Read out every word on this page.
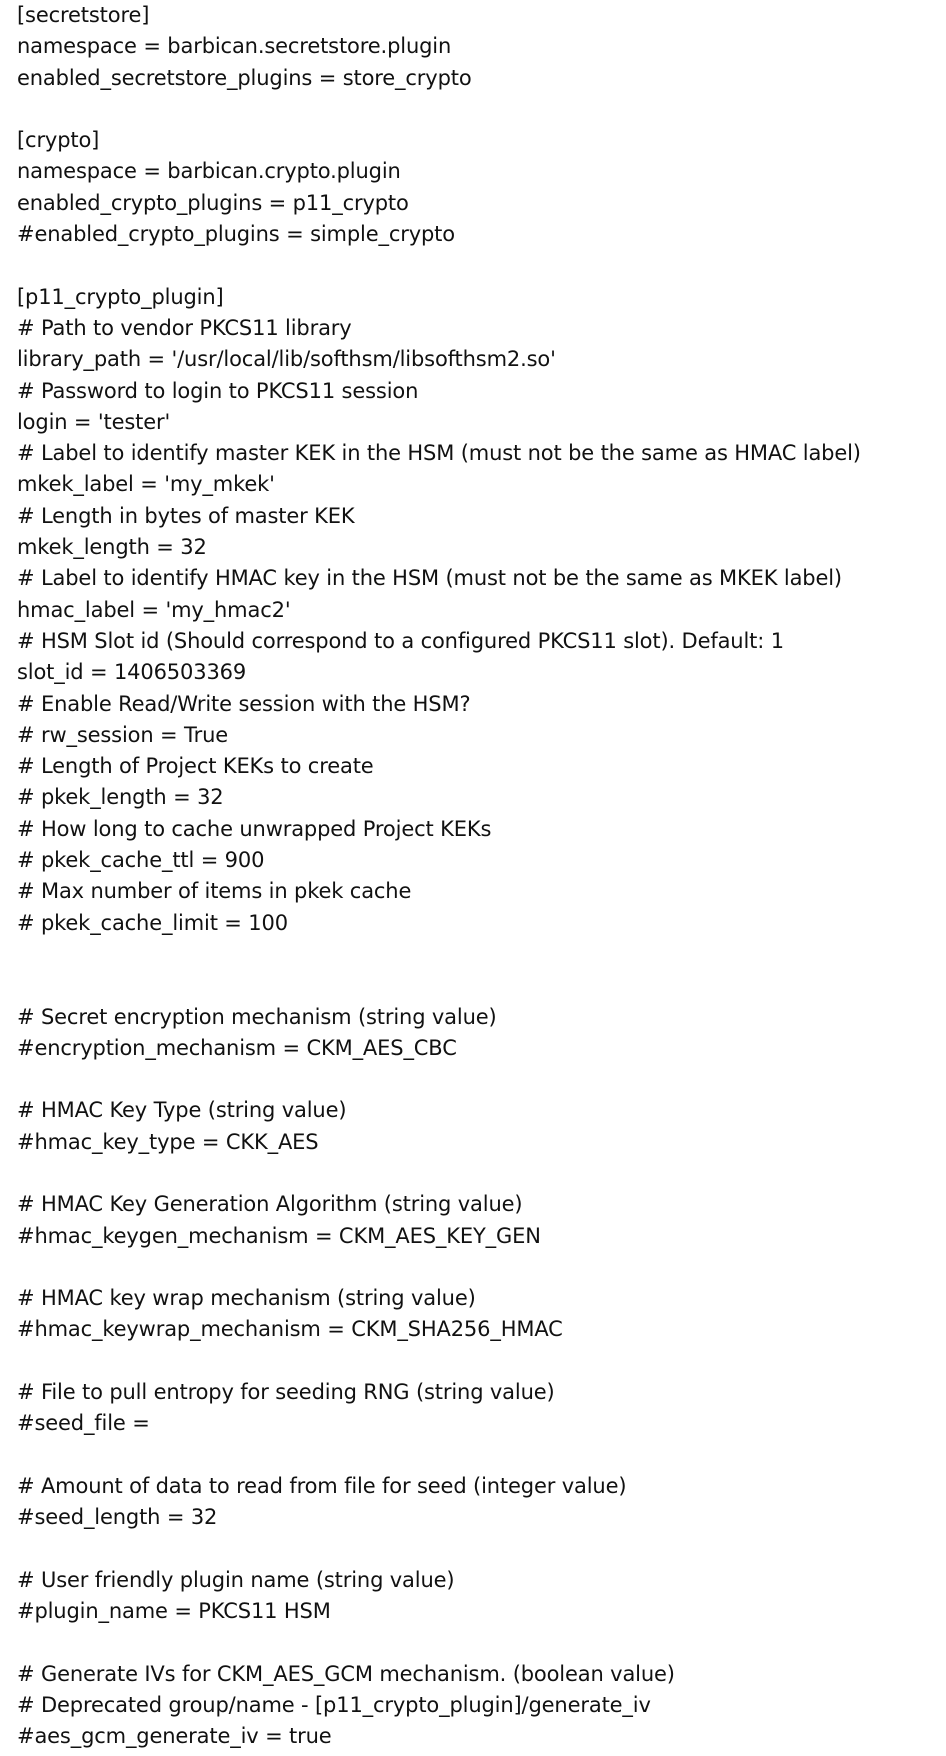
[secretstore]
namespace = barbican.secretstore.plugin
enabled_secretstore_plugins = store_crypto

[crypto]
namespace = barbican.crypto.plugin
enabled_crypto_plugins = p11_crypto
#enabled_crypto_plugins = simple_crypto

[p11_crypto_plugin]
# Path to vendor PKCS11 library
library_path = '/usr/local/lib/softhsm/libsofthsm2.so'
# Password to login to PKCS11 session
login = 'tester'
# Label to identify master KEK in the HSM (must not be the same as HMAC label)
mkek_label = 'my_mkek'
# Length in bytes of master KEK
mkek_length = 32
# Label to identify HMAC key in the HSM (must not be the same as MKEK label)
hmac_label = 'my_hmac2'
# HSM Slot id (Should correspond to a configured PKCS11 slot). Default: 1
slot_id = 1406503369
# Enable Read/Write session with the HSM?
# rw_session = True
# Length of Project KEKs to create
# pkek_length = 32
# How long to cache unwrapped Project KEKs
# pkek_cache_ttl = 900
# Max number of items in pkek cache
# pkek_cache_limit = 100

# Secret encryption mechanism (string value)
#encryption_mechanism = CKM_AES_CBC

# HMAC Key Type (string value)
#hmac_key_type = CKK_AES

# HMAC Key Generation Algorithm (string value)
#hmac_keygen_mechanism = CKM_AES_KEY_GEN

# HMAC key wrap mechanism (string value)
#hmac_keywrap_mechanism = CKM_SHA256_HMAC

# File to pull entropy for seeding RNG (string value)
#seed_file =

# Amount of data to read from file for seed (integer value)
#seed_length = 32

# User friendly plugin name (string value)
#plugin_name = PKCS11 HSM

# Generate IVs for CKM_AES_GCM mechanism. (boolean value)
# Deprecated group/name - [p11_crypto_plugin]/generate_iv
#aes_gcm_generate_iv = true
